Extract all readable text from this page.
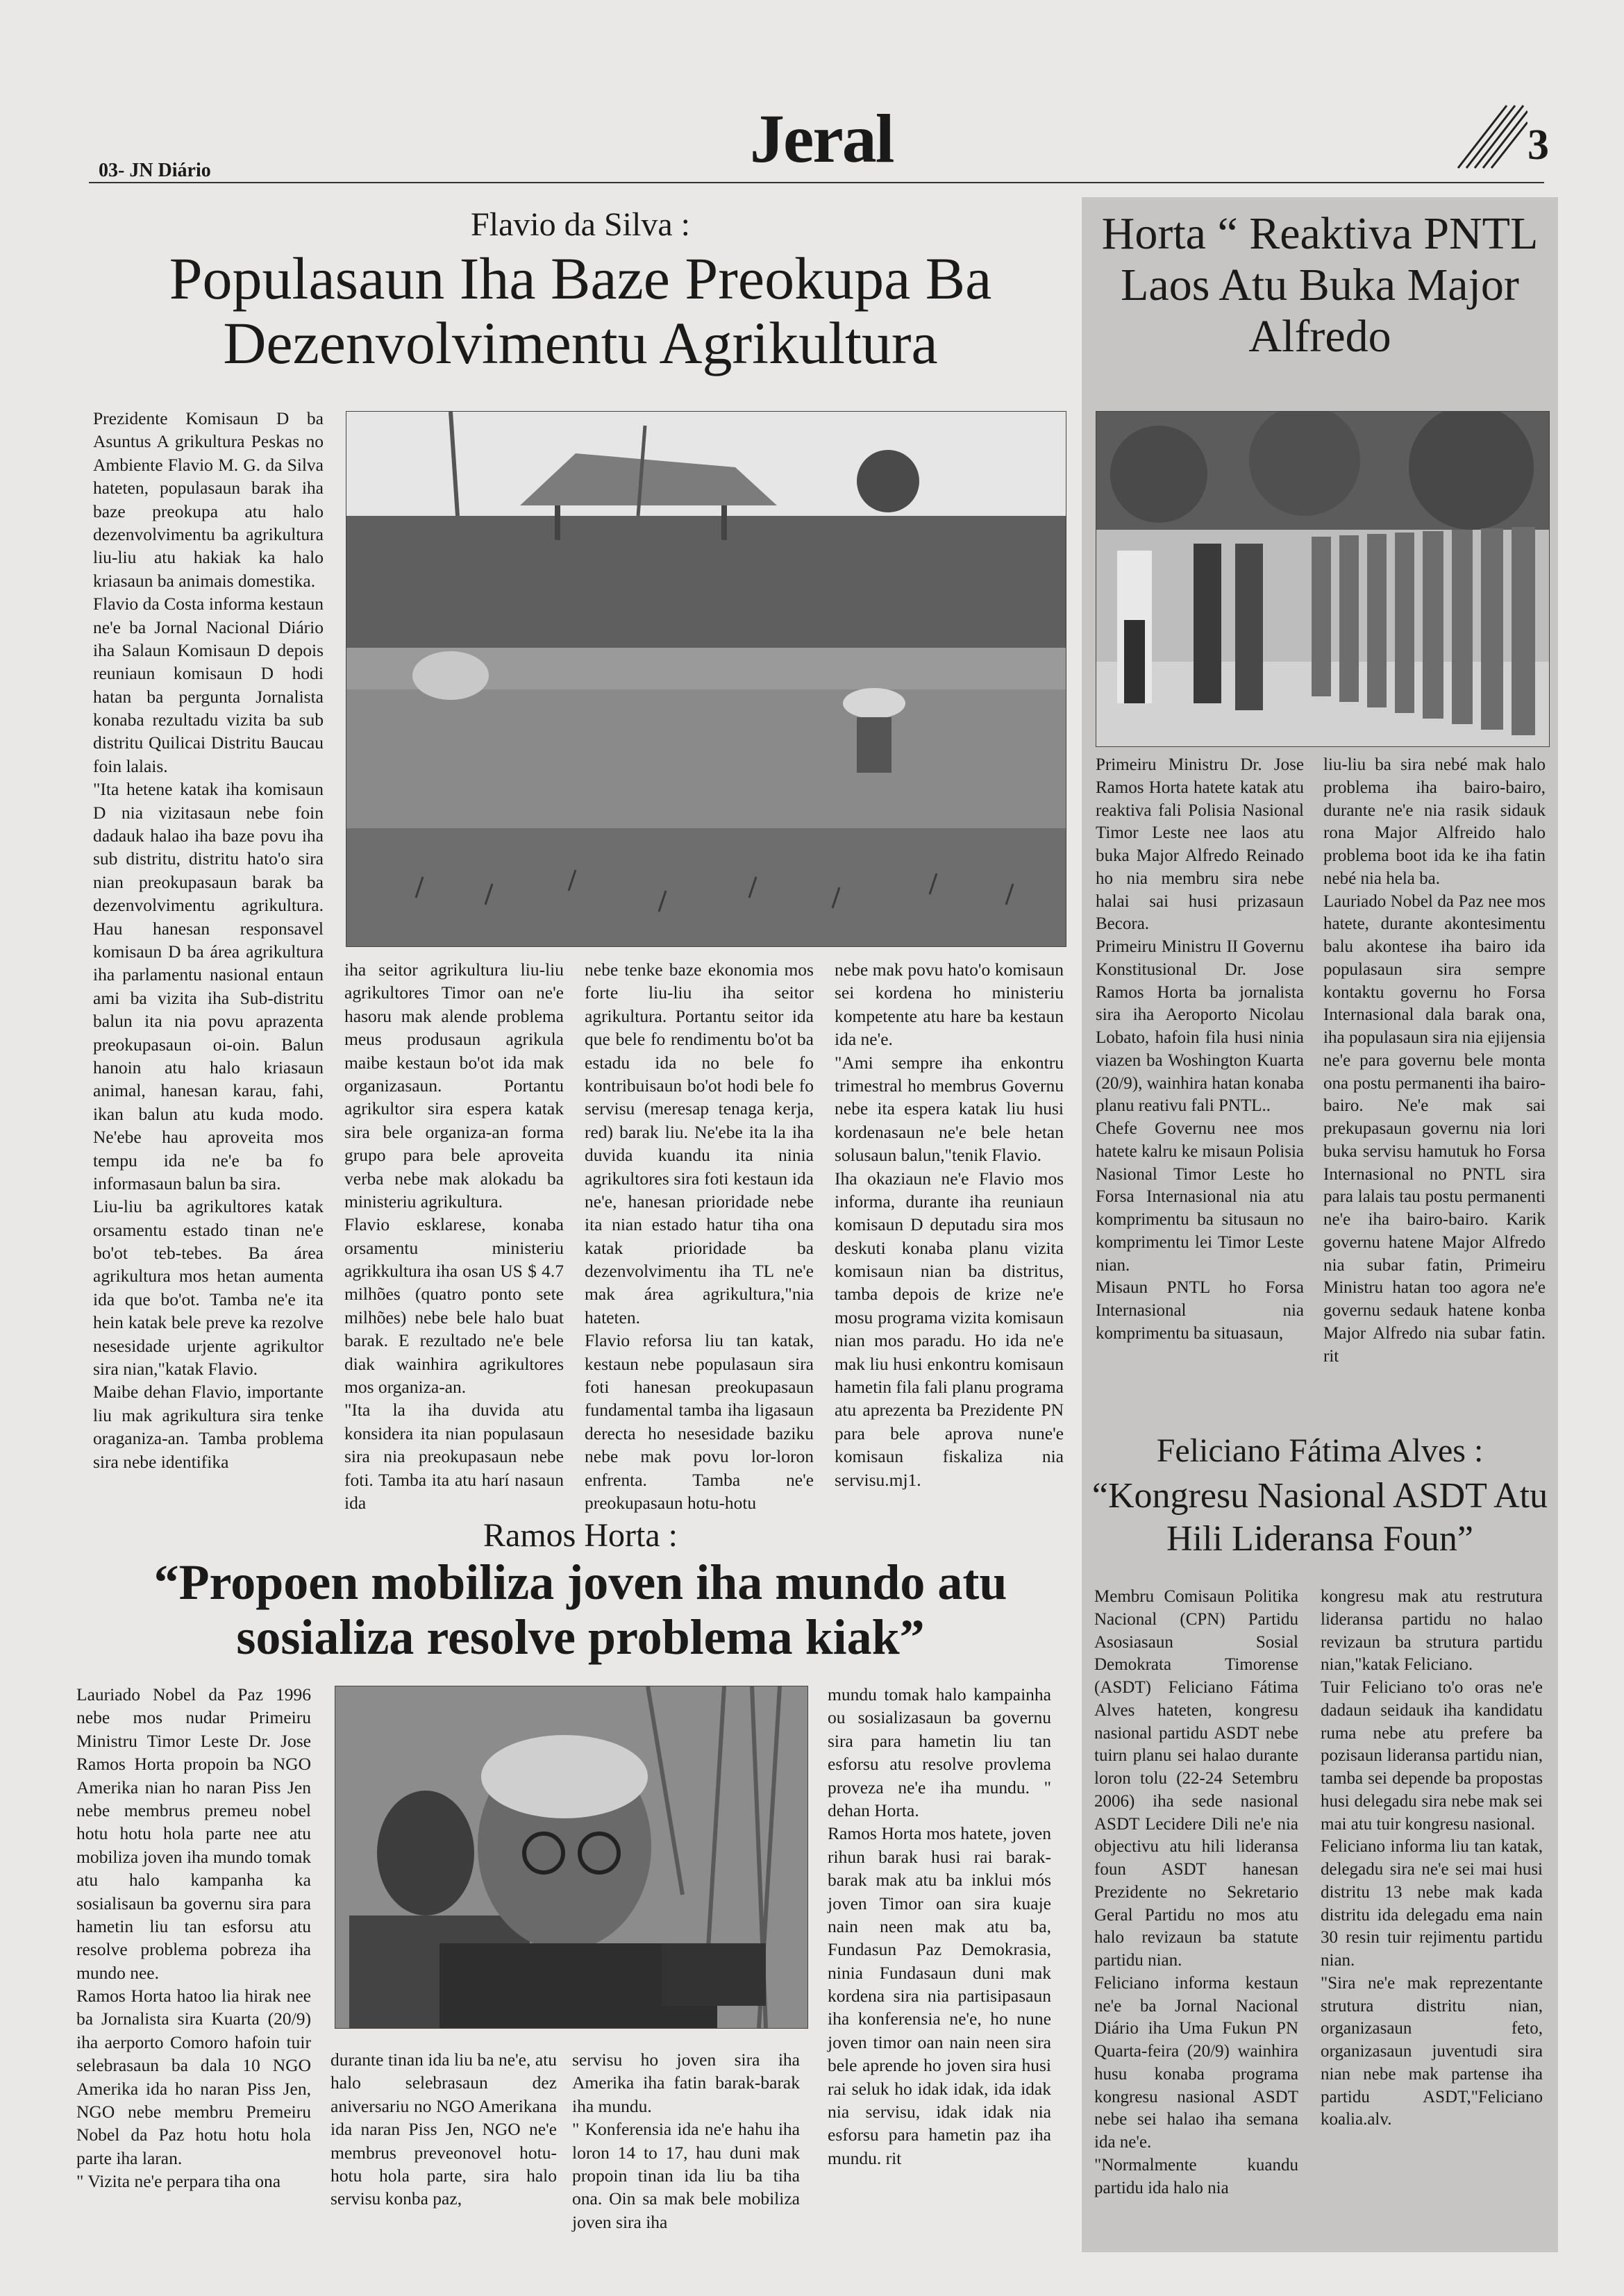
03- JN Diário	Jeral	3
Flavio da Silva :
Populasaun Iha Baze Preokupa Ba Dezenvolvimentu Agrikultura

Prezidente Komisaun D ba Asuntus A grikultura Peskas no Ambiente Flavio M. G. da Silva hateten, populasaun barak iha baze preokupa atu halo dezenvolvimentu ba agrikultura liu-liu atu hakiak ka halo kriasaun ba animais domestika.
Flavio da Costa informa kestaun ne'e ba Jornal Nacional Diário iha Salaun Komisaun D depois reuniaun komisaun D hodi hatan ba pergunta Jornalista konaba rezultadu vizita ba sub distritu Quilicai Distritu Baucau foin lalais.
"Ita hetene katak iha komisaun D nia vizitasaun nebe foin dadauk halao iha baze povu iha sub distritu, distritu hato'o sira nian preokupasaun barak ba dezenvolvimentu agrikultura. Hau hanesan responsavel komisaun D ba área agrikultura iha parlamentu nasional entaun ami ba vizita iha Sub-distritu balun ita nia povu aprazenta preokupasaun oi-oin. Balun hanoin atu halo kriasaun animal, hanesan karau, fahi, ikan balun atu kuda modo. Ne'ebe hau aproveita mos tempu ida ne'e ba fo informasaun balun ba sira.
Liu-liu ba agrikultores katak orsamentu estado tinan ne'e bo'ot teb-tebes. Ba área agrikultura mos hetan aumenta ida que bo'ot. Tamba ne'e ita hein katak bele preve ka rezolve nesesidade urjente agrikultor sira nian,"katak Flavio.
Maibe dehan Flavio, importante liu mak agrikultura sira tenke oraganiza-an. Tamba problema sira nebe identifika

iha seitor agrikultura liu-liu agrikultores Timor oan ne'e hasoru mak alende problema meus produsaun agrikula maibe kestaun bo'ot ida mak organizasaun. Portantu agrikultor sira espera katak sira bele organiza-an forma grupo para bele aproveita verba nebe mak alokadu ba ministeriu agrikultura.
Flavio esklarese, konaba orsamentu ministeriu agrikkultura iha osan US $ 4.7 milhões (quatro ponto sete milhões) nebe bele halo buat barak. E rezultado ne'e bele diak wainhira agrikultores mos organiza-an.
"Ita la iha duvida atu konsidera ita nian populasaun sira nia preokupasaun nebe foti. Tamba ita atu harí nasaun ida

nebe tenke baze ekonomia mos forte liu-liu iha seitor agrikultura. Portantu seitor ida que bele fo rendimentu bo'ot ba estadu ida no bele fo kontribuisaun bo'ot hodi bele fo servisu (meresap tenaga kerja, red) barak liu. Ne'ebe ita la iha duvida kuandu ita ninia agrikultores sira foti kestaun ida ne'e, hanesan prioridade nebe ita nian estado hatur tiha ona katak prioridade ba dezenvolvimentu iha TL ne'e mak área agrikultura,"nia hateten.
Flavio reforsa liu tan katak, kestaun nebe populasaun sira foti hanesan preokupasaun fundamental tamba iha ligasaun derecta ho nesesidade baziku nebe mak povu lor-loron enfrenta. Tamba ne'e preokupasaun hotu-hotu

nebe mak povu hato'o komisaun sei kordena ho ministeriu kompetente atu hare ba kestaun ida ne'e.
"Ami sempre iha enkontru trimestral ho membrus Governu nebe ita espera katak liu husi kordenasaun ne'e bele hetan solusaun balun,"tenik Flavio.
Iha okaziaun ne'e Flavio mos informa, durante iha reuniaun komisaun D deputadu sira mos deskuti konaba planu vizita komisaun nian ba distritus, tamba depois de krize ne'e mosu programa vizita komisaun nian mos paradu. Ho ida ne'e mak liu husi enkontru komisaun hametin fila fali planu programa atu aprezenta ba Prezidente PN para bele aprova nune'e komisaun fiskaliza nia servisu.mj1.

Ramos Horta :
“Propoen mobiliza joven iha mundo atu sosializa resolve problema kiak”

Lauriado Nobel da Paz 1996 nebe mos nudar Primeiru Ministru Timor Leste Dr. Jose Ramos Horta propoin ba NGO Amerika nian ho naran Piss Jen nebe membrus premeu nobel hotu hotu hola parte nee atu mobiliza joven iha mundo tomak atu halo kampanha ka sosialisaun ba governu sira para hametin liu tan esforsu atu resolve problema pobreza iha mundo nee.
Ramos Horta hatoo lia hirak nee ba Jornalista sira Kuarta (20/9) iha aerporto Comoro hafoin tuir selebrasaun ba dala 10 NGO Amerika ida ho naran Piss Jen, NGO nebe membru Premeiru Nobel da Paz hotu hotu hola parte iha laran.
" Vizita ne'e perpara tiha ona

durante tinan ida liu ba ne'e, atu halo selebrasaun dez aniversariu no NGO Amerikana ida naran Piss Jen, NGO ne'e membrus preveonovel hotu-hotu hola parte, sira halo servisu konba paz,

servisu ho joven sira iha Amerika iha fatin barak-barak iha mundu.
" Konferensia ida ne'e hahu iha loron 14 to 17, hau duni mak propoin tinan ida liu ba tiha ona. Oin sa mak bele mobiliza joven sira iha

mundu tomak halo kampainha ou sosializasaun ba governu sira para hametin liu tan esforsu atu resolve provlema proveza ne'e iha mundu. " dehan Horta.
Ramos Horta mos hatete, joven rihun barak husi rai barak-barak mak atu ba inklui mós joven Timor oan sira kuaje nain neen mak atu ba, Fundasun Paz Demokrasia, ninia Fundasaun duni mak kordena sira nia partisipasaun iha konferensia ne'e, ho nune joven timor oan nain neen sira bele aprende ho joven sira husi rai seluk ho idak idak, ida idak nia servisu, idak idak nia esforsu para hametin paz iha mundu. rit

Horta “ Reaktiva PNTL Laos Atu Buka Major Alfredo

Primeiru Ministru Dr. Jose Ramos Horta hatete katak atu reaktiva fali Polisia Nasional Timor Leste nee laos atu buka Major Alfredo Reinado ho nia membru sira nebe halai sai husi prizasaun Becora.
Primeiru Ministru II Governu Konstitusional Dr. Jose Ramos Horta ba jornalista sira iha Aeroporto Nicolau Lobato, hafoin fila husi ninia viazen ba Woshington Kuarta (20/9), wainhira hatan konaba planu reativu fali PNTL..
Chefe Governu nee mos hatete kalru ke misaun Polisia Nasional Timor Leste ho Forsa Internasional nia atu komprimentu ba situsaun no komprimentu lei Timor Leste nian.
Misaun PNTL ho Forsa Internasional nia komprimentu ba situasaun,

liu-liu ba sira nebé mak halo problema iha bairo-bairo, durante ne'e nia rasik sidauk rona Major Alfreido halo problema boot ida ke iha fatin nebé nia hela ba.
Lauriado Nobel da Paz nee mos hatete, durante akontesimentu balu akontese iha bairo ida populasaun sira sempre kontaktu governu ho Forsa Internasional dala barak ona, iha populasaun sira nia ejijensia ne'e para governu bele monta ona postu permanenti iha bairo-bairo. Ne'e mak sai prekupasaun governu nia lori buka servisu hamutuk ho Forsa Internasional no PNTL sira para lalais tau postu permanenti ne'e iha bairo-bairo. Karik governu hatene Major Alfredo nia subar fatin, Primeiru Ministru hatan too agora ne'e governu sedauk hatene konba Major Alfredo nia subar fatin. rit

Feliciano Fátima Alves :
“Kongresu Nasional ASDT Atu Hili Lideransa Foun”

Membru Comisaun Politika Nacional (CPN) Partidu Asosiasaun Sosial Demokrata Timorense (ASDT) Feliciano Fátima Alves hateten, kongresu nasional partidu ASDT nebe tuirn planu sei halao durante loron tolu (22-24 Setembru 2006) iha sede nasional ASDT Lecidere Dili ne'e nia objectivu atu hili lideransa foun ASDT hanesan Prezidente no Sekretario Geral Partidu no mos atu halo revizaun ba statute partidu nian.
Feliciano informa kestaun ne'e ba Jornal Nacional Diário iha Uma Fukun PN Quarta-feira (20/9) wainhira husu konaba programa kongresu nasional ASDT nebe sei halao iha semana ida ne'e.
"Normalmente kuandu partidu ida halo nia

kongresu mak atu restrutura lideransa partidu no halao revizaun ba strutura partidu nian,"katak Feliciano.
Tuir Feliciano to'o oras ne'e dadaun seidauk iha kandidatu ruma nebe atu prefere ba pozisaun lideransa partidu nian, tamba sei depende ba propostas husi delegadu sira nebe mak sei mai atu tuir kongresu nasional.
Feliciano informa liu tan katak, delegadu sira ne'e sei mai husi distritu 13 nebe mak kada distritu ida delegadu ema nain 30 resin tuir rejimentu partidu nian.
"Sira ne'e mak reprezentante strutura distritu nian, organizasaun feto, organizasaun juventudi sira nian nebe mak partense iha partidu ASDT,"Feliciano koalia.alv.
